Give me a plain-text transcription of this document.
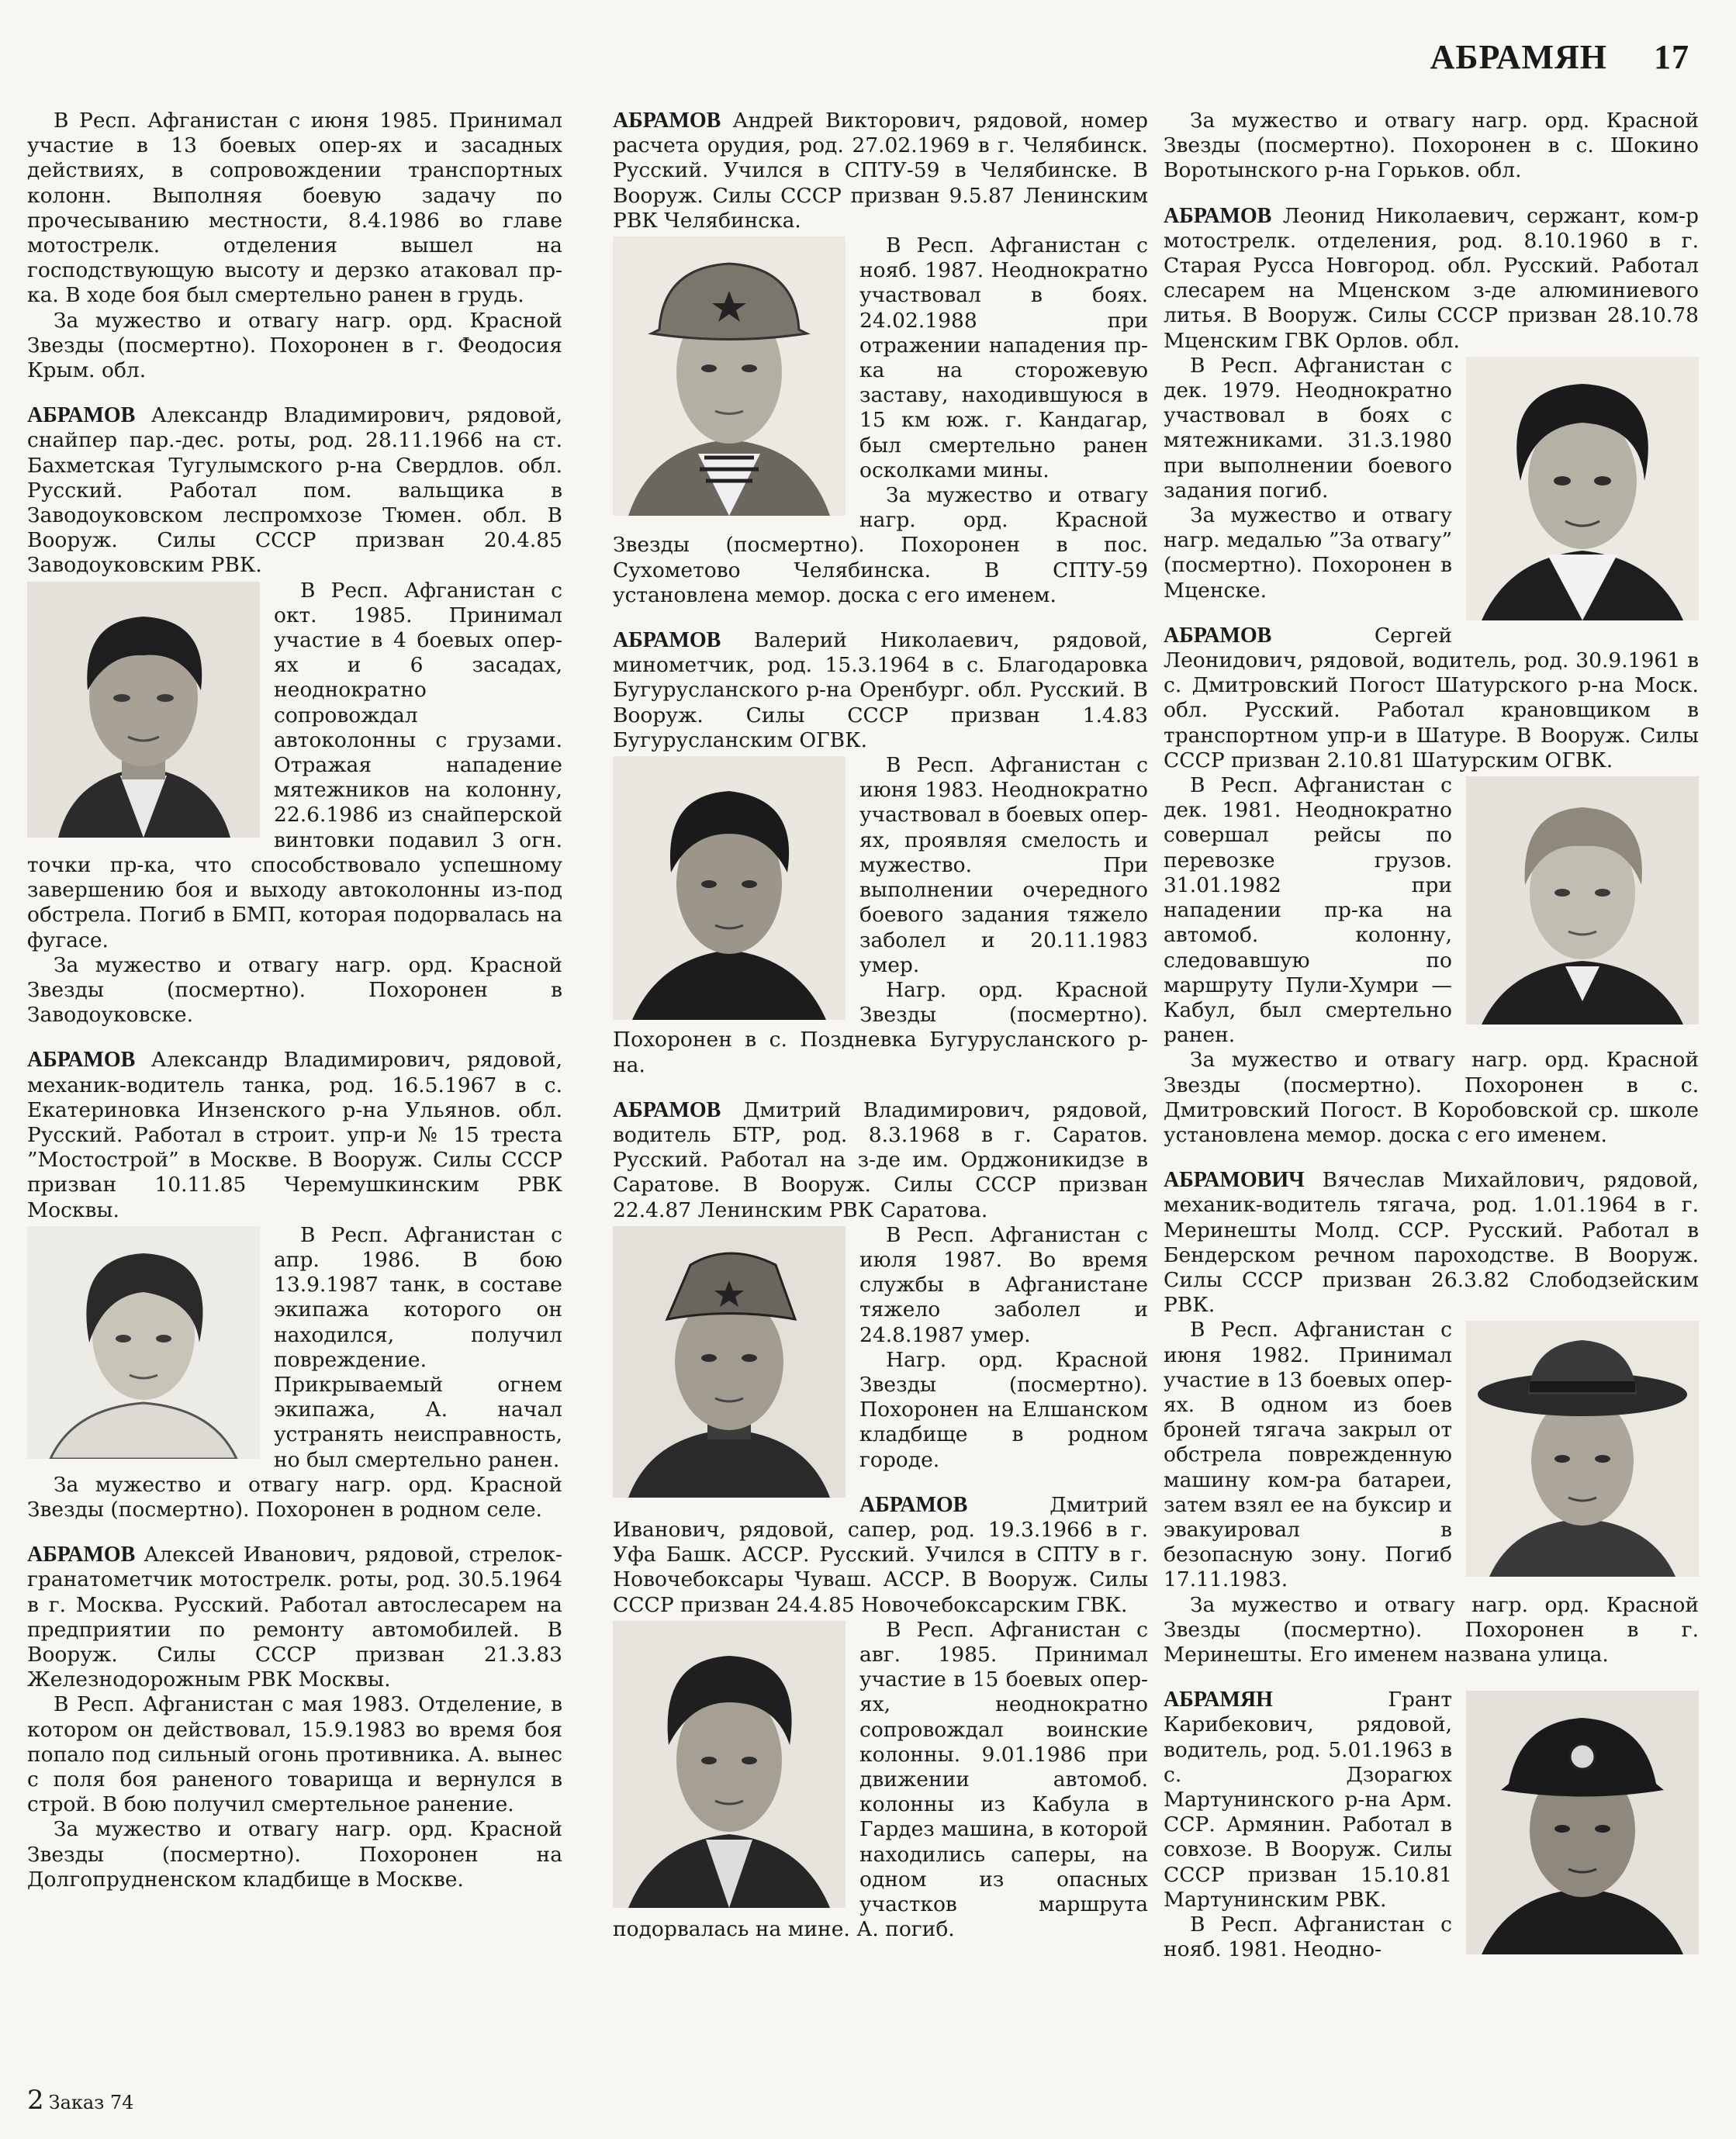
АБРАМЯН 17

В Респ. Афганистан с июня 1985. Принимал участие в 13 боевых опер-ях и засадных действиях, в сопровождении транспортных колонн. Выполняя боевую задачу по прочесыванию местности, 8.4.1986 во главе мотострелк. отделения вышел на господствующую высоту и дерзко атаковал пр-ка. В ходе боя был смертельно ранен в грудь.

За мужество и отвагу нагр. орд. Красной Звезды (посмертно). Похоронен в г. Феодосия Крым. обл.

АБРАМОВ Александр Владимирович, рядовой, снайпер пар.-дес. роты, род. 28.11.1966 на ст. Бахметская Тугулымского р-на Свердлов. обл. Русский. Работал пом. вальщика в Заводоуковском леспромхозе Тюмен. обл. В Вооруж. Силы СССР призван 20.4.85 Заводоуковским РВК.

В Респ. Афганистан с окт. 1985. Принимал участие в 4 боевых опер-ях и 6 засадах, неоднократно сопровождал автоколонны с грузами. Отражая нападение мятежников на колонну, 22.6.1986 из снайперской винтовки подавил 3 огн. точки пр-ка, что способствовало успешному завершению боя и выходу автоколонны из-под обстрела. Погиб в БМП, которая подорвалась на фугасе.

За мужество и отвагу нагр. орд. Красной Звезды (посмертно). Похоронен в Заводоуковске.

АБРАМОВ Александр Владимирович, рядовой, механик-водитель танка, род. 16.5.1967 в с. Екатериновка Инзенского р-на Ульянов. обл. Русский. Работал в строит. упр-и № 15 треста ”Мостострой” в Москве. В Вооруж. Силы СССР призван 10.11.85 Черемушкинским РВК Москвы.

В Респ. Афганистан с апр. 1986. В бою 13.9.1987 танк, в составе экипажа которого он находился, получил повреждение. Прикрываемый огнем экипажа, А. начал устранять неисправность, но был смертельно ранен.

За мужество и отвагу нагр. орд. Красной Звезды (посмертно). Похоронен в родном селе.

АБРАМОВ Алексей Иванович, рядовой, стрелок-гранатометчик мотострелк. роты, род. 30.5.1964 в г. Москва. Русский. Работал автослесарем на предприятии по ремонту автомобилей. В Вооруж. Силы СССР призван 21.3.83 Железнодорожным РВК Москвы.

В Респ. Афганистан с мая 1983. Отделение, в котором он действовал, 15.9.1983 во время боя попало под сильный огонь противника. А. вынес с поля боя раненого товарища и вернулся в строй. В бою получил смертельное ранение.

За мужество и отвагу нагр. орд. Красной Звезды (посмертно). Похоронен на Долгопрудненском кладбище в Москве.

АБРАМОВ Андрей Викторович, рядовой, номер расчета орудия, род. 27.02.1969 в г. Челябинск. Русский. Учился в СПТУ-59 в Челябинске. В Вооруж. Силы СССР призван 9.5.87 Ленинским РВК Челябинска.

В Респ. Афганистан с нояб. 1987. Неоднократно участвовал в боях. 24.02.1988 при отражении нападения пр-ка на сторожевую заставу, находившуюся в 15 км юж. г. Кандагар, был смертельно ранен осколками мины.

За мужество и отвагу нагр. орд. Красной Звезды (посмертно). Похоронен в пос. Сухометово Челябинска. В СПТУ-59 установлена мемор. доска с его именем.

АБРАМОВ Валерий Николаевич, рядовой, минометчик, род. 15.3.1964 в с. Благодаровка Бугурусланского р-на Оренбург. обл. Русский. В Вооруж. Силы СССР призван 1.4.83 Бугурусланским ОГВК.

В Респ. Афганистан с июня 1983. Неоднократно участвовал в боевых опер-ях, проявляя смелость и мужество. При выполнении очередного боевого задания тяжело заболел и 20.11.1983 умер.

Нагр. орд. Красной Звезды (посмертно). Похоронен в с. Поздневка Бугурусланского р-на.

АБРАМОВ Дмитрий Владимирович, рядовой, водитель БТР, род. 8.3.1968 в г. Саратов. Русский. Работал на з-де им. Орджоникидзе в Саратове. В Вооруж. Силы СССР призван 22.4.87 Ленинским РВК Саратова.

В Респ. Афганистан с июля 1987. Во время службы в Афганистане тяжело заболел и 24.8.1987 умер.

Нагр. орд. Красной Звезды (посмертно). Похоронен на Елшанском кладбище в родном городе.

АБРАМОВ	Дмитрий Иванович, рядовой, сапер, род. 19.3.1966 в г. Уфа Башк. АССР. Русский. Учился в СПТУ в г. Новочебоксары Чуваш. АССР. В Вооруж. Силы СССР призван 24.4.85 Новочебоксарским ГВК.

В Респ. Афганистан с авг. 1985. Принимал участие в 15 боевых опер-ях, неоднократно сопровождал воинские колонны. 9.01.1986 при движении автомоб. колонны из Кабула в Гардез машина, в которой находились саперы, на одном из опасных участков маршрута подорвалась на мине. А. погиб.

За мужество и отвагу нагр. орд. Красной Звезды (посмертно). Похоронен в с. Шокино Воротынского р-на Горьков. обл.

АБРАМОВ Леонид Николаевич, сержант, ком-р мотострелк. отделения, род. 8.10.1960 в г. Старая Русса Новгород. обл. Русский. Работал слесарем на Мценском з-де алюминиевого литья. В Вооруж. Силы СССР призван 28.10.78 Мценским ГВК Орлов. обл.

В Респ. Афганистан с дек. 1979. Неоднократно участвовал в боях с мятежниками. 31.3.1980 при выполнении боевого задания погиб.

За мужество и отвагу нагр. медалью ”За отвагу” (посмертно). Похоронен в Мценске.

АБРАМОВ	Сергей Леонидович, рядовой, водитель, род. 30.9.1961 в с. Дмитровский Погост Шатурского р-на Моск. обл. Русский. Работал крановщиком в транспортном упр-и в Шатуре. В Вооруж. Силы СССР призван 2.10.81 Шатурским ОГВК.

В Респ. Афганистан с дек. 1981. Неоднократно совершал рейсы по перевозке грузов. 31.01.1982 при нападении пр-ка на автомоб. колонну, следовавшую по маршруту Пули-Хумри — Кабул, был смертельно ранен.

За мужество и отвагу нагр. орд. Красной Звезды (посмертно). Похоронен в с. Дмитровский Погост. В Коробовской ср. школе установлена мемор. доска с его именем.

АБРАМОВИЧ Вячеслав Михайлович, рядовой, механик-водитель тягача, род. 1.01.1964 в г. Меринешты Молд. ССР. Русский. Работал в Бендерском речном пароходстве. В Вооруж. Силы СССР призван 26.3.82 Слободзейским РВК.

В Респ. Афганистан с июня 1982. Принимал участие в 13 боевых опер-ях. В одном из боев броней тягача закрыл от обстрела поврежденную машину ком-ра батареи, затем взял ее на буксир и эвакуировал в безопасную зону. Погиб 17.11.1983.

За мужество и отвагу нагр. орд. Красной Звезды (посмертно). Похоронен в г. Меринешты. Его именем названа улица.

АБРАМЯН	Грант Карибекович, рядовой, водитель, род. 5.01.1963 в с. Дзорагюх Мартунинского р-на Арм. ССР. Армянин. Работал в совхозе. В Вооруж. Силы СССР призван 15.10.81 Мартунинским РВК.

В Респ. Афганистан с нояб. 1981. Неодно-

2 Заказ 74
